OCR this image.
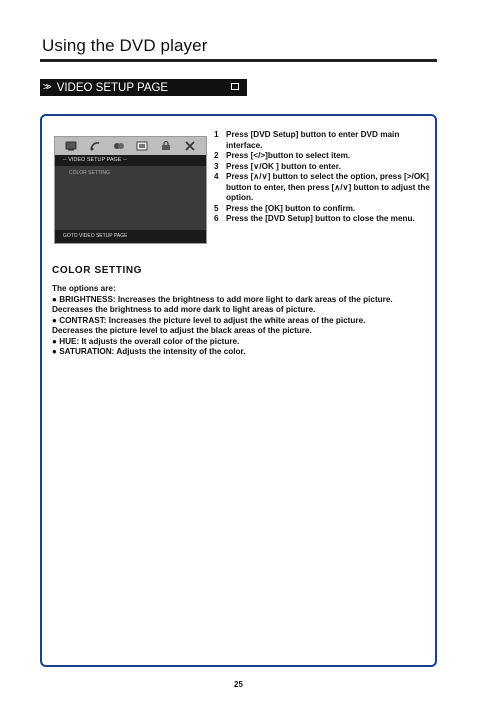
Using the DVD player
>> VIDEO SETUP PAGE
-- VIDEO SETUP PAGE --
COLOR SETTING
GOTO VIDEO SETUP PAGE
1 Press [DVD Setup] button to enter DVD main interface.
2 Press [</>]button to select item.
3 Press [∨/OK ] button to enter.
4 Press [∧/∨] button to select the option, press [>/OK] button to enter, then press [∧/∨] button to adjust the option.
5 Press the [OK] button to confirm.
6 Press the [DVD Setup] button to close the menu.
COLOR SETTING
The options are:
● BRIGHTNESS: Increases the brightness to add more light to dark areas of the picture.
Decreases the brightness to add more dark to light areas of picture.
● CONTRAST: Increases the picture level to adjust the white areas of the picture.
Decreases the picture level to adjust the black areas of the picture.
● HUE: It adjusts the overall color of the picture.
● SATURATION: Adjusts the intensity of the color.
25
